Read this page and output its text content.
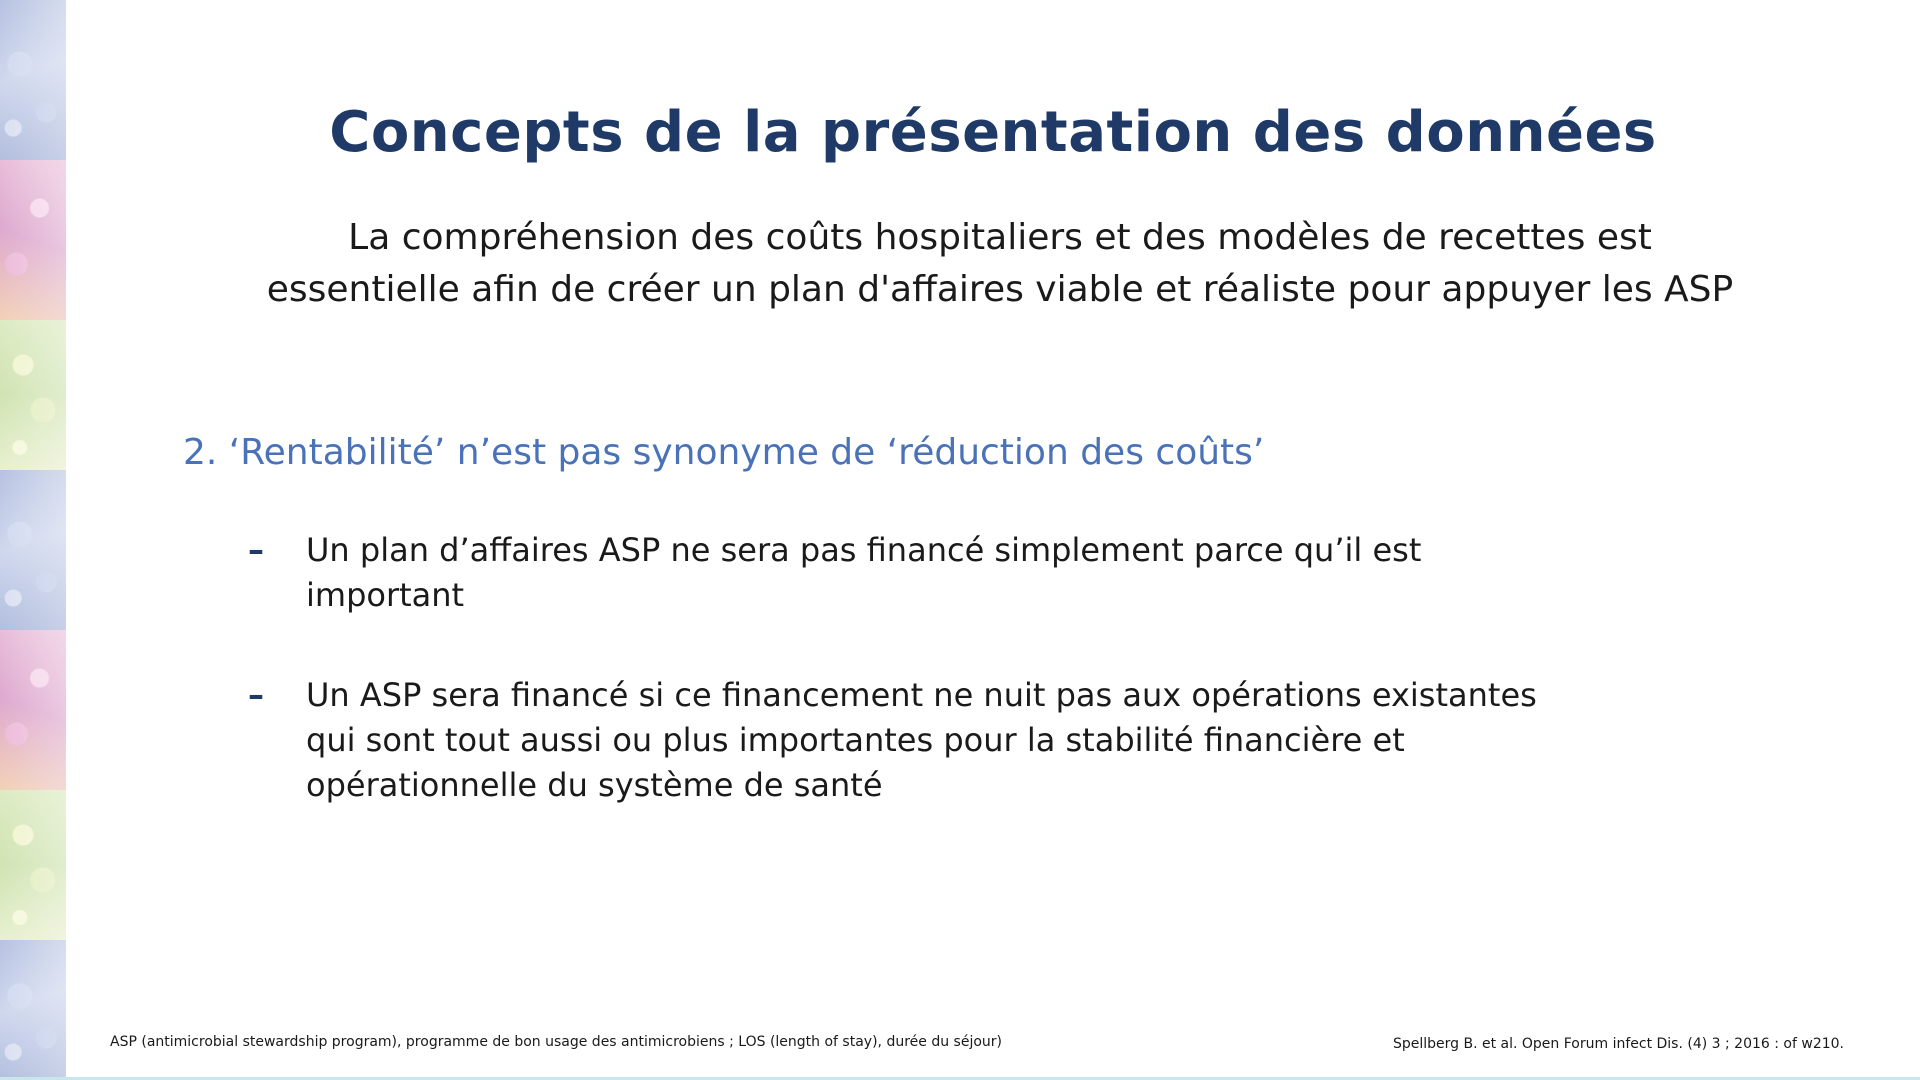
Concepts de la présentation des données
La compréhension des coûts hospitaliers et des modèles de recettes est
essentielle afin de créer un plan d'affaires viable et réaliste pour appuyer les ASP
2. ‘Rentabilité’ n’est pas synonyme de ‘réduction des coûts’
– Un plan d’affaires ASP ne sera pas financé simplement parce qu’il est
important
– Un ASP sera financé si ce financement ne nuit pas aux opérations existantes
qui sont tout aussi ou plus importantes pour la stabilité financière et
opérationnelle du système de santé
ASP (antimicrobial stewardship program), programme de bon usage des antimicrobiens ; LOS (length of stay), durée du séjour)	Spellberg B. et al. Open Forum infect Dis. (4) 3 ; 2016 : of w210.
